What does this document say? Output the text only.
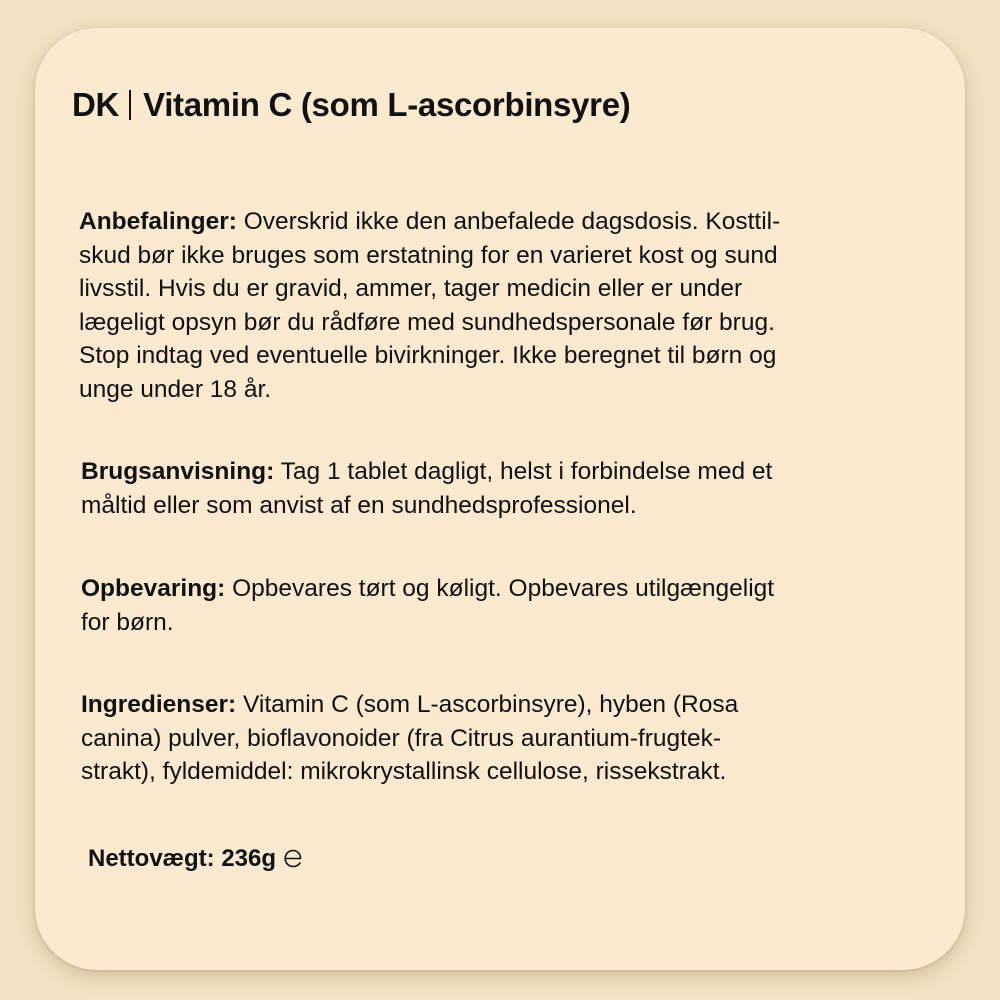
DK Vitamin C (som L-ascorbinsyre)

Anbefalinger: Overskrid ikke den anbefalede dagsdosis. Kosttil-
skud bør ikke bruges som erstatning for en varieret kost og sund
livsstil. Hvis du er gravid, ammer, tager medicin eller er under
lægeligt opsyn bør du rådføre med sundhedspersonale før brug.
Stop indtag ved eventuelle bivirkninger. Ikke beregnet til børn og
unge under 18 år.

Brugsanvisning: Tag 1 tablet dagligt, helst i forbindelse med et
måltid eller som anvist af en sundhedsprofessionel.

Opbevaring: Opbevares tørt og køligt. Opbevares utilgængeligt
for børn.

Ingredienser: Vitamin C (som L-ascorbinsyre), hyben (Rosa
canina) pulver, bioflavonoider (fra Citrus aurantium-frugtek-
strakt), fyldemiddel: mikrokrystallinsk cellulose, rissekstrakt.

Nettovægt: 236g
